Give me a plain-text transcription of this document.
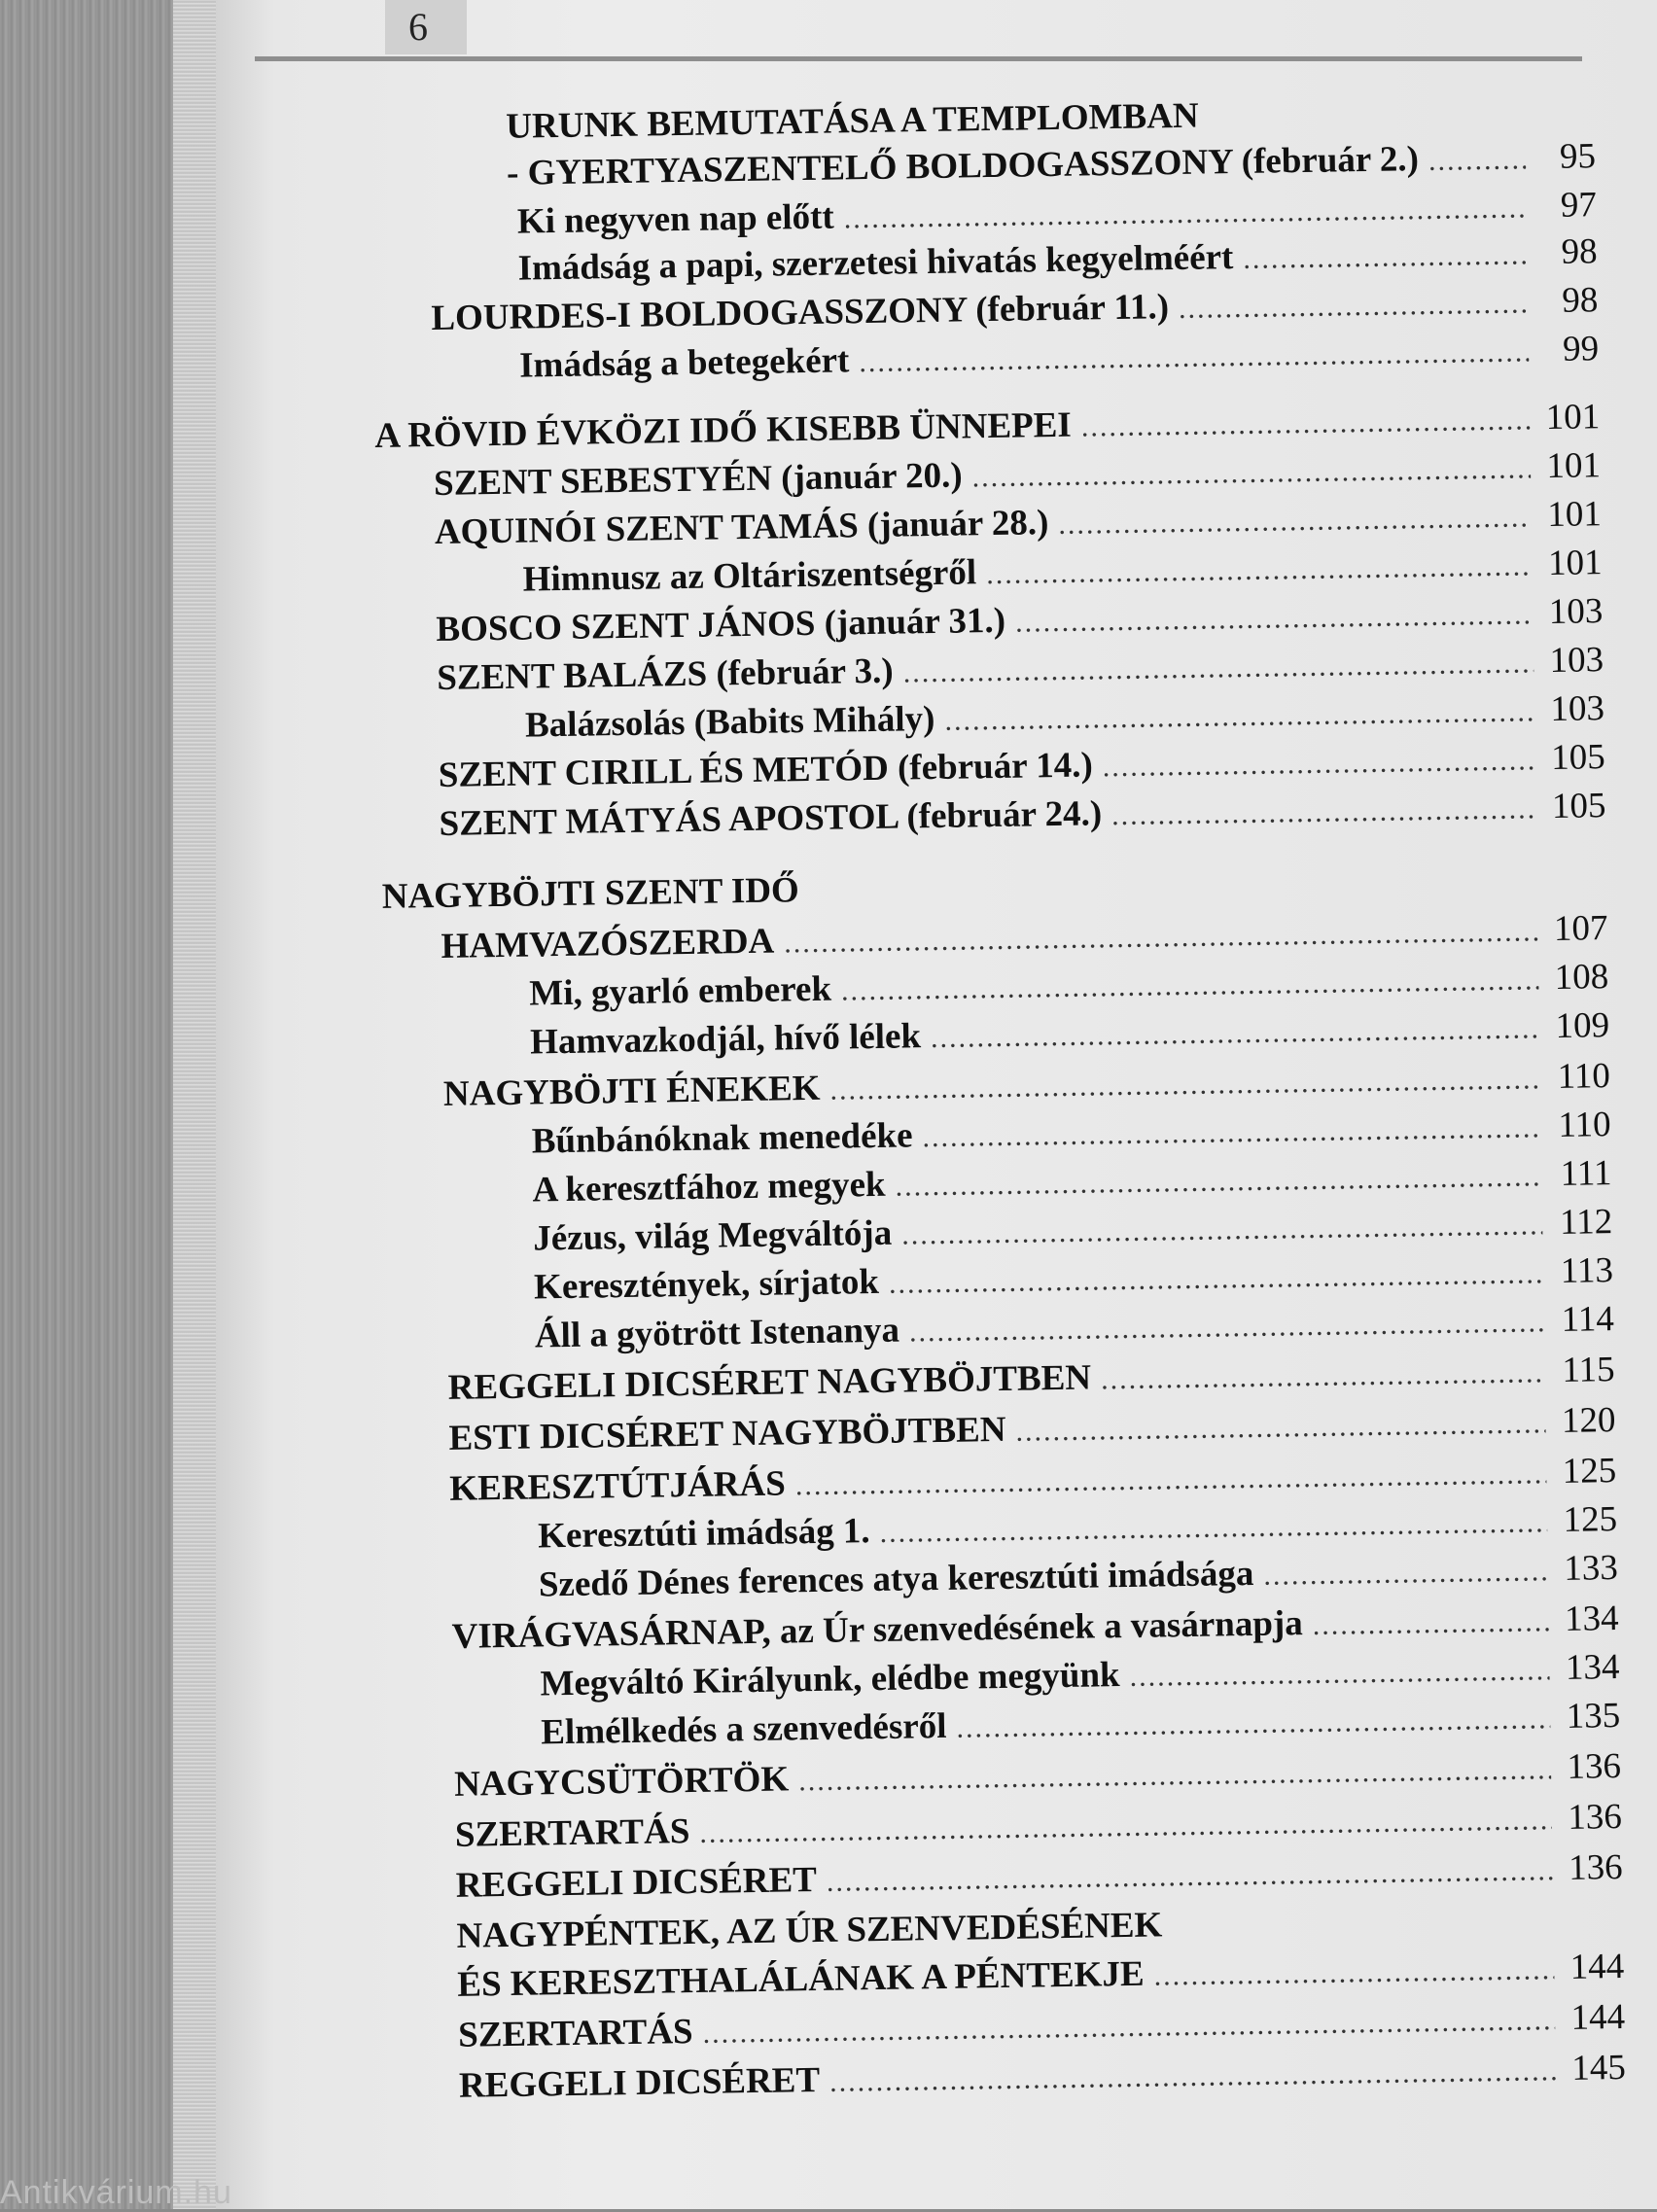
6
URUNK BEMUTATÁSA A TEMPLOMBAN
- GYERTYASZENTELŐ BOLDOGASSZONY (február 2.) .....	95
Ki negyven nap előtt .....	97
Imádság a papi, szerzetesi hivatás kegyelméért .....	98
LOURDES-I BOLDOGASSZONY (február 11.) .....	98
Imádság a betegekért .....	99
A RÖVID ÉVKÖZI IDŐ KISEBB ÜNNEPEI .....	101
SZENT SEBESTYÉN (január 20.) .....	101
AQUINÓI SZENT TAMÁS (január 28.) .....	101
Himnusz az Oltáriszentségről .....	101
BOSCO SZENT JÁNOS (január 31.) .....	103
SZENT BALÁZS (február 3.) .....	103
Balázsolás (Babits Mihály) .....	103
SZENT CIRILL ÉS METÓD (február 14.) .....	105
SZENT MÁTYÁS APOSTOL (február 24.) .....	105
NAGYBÖJTI SZENT IDŐ
HAMVAZÓSZERDA .....	107
Mi, gyarló emberek .....	108
Hamvazkodjál, hívő lélek .....	109
NAGYBÖJTI ÉNEKEK .....	110
Bűnbánóknak menedéke .....	110
A keresztfához megyek .....	111
Jézus, világ Megváltója .....	112
Keresztények, sírjatok .....	113
Áll a gyötrött Istenanya .....	114
REGGELI DICSÉRET NAGYBÖJTBEN .....	115
ESTI DICSÉRET NAGYBÖJTBEN .....	120
KERESZTÚTJÁRÁS .....	125
Keresztúti imádság 1. .....	125
Szedő Dénes ferences atya keresztúti imádsága .....	133
VIRÁGVASÁRNAP, az Úr szenvedésének a vasárnapja .....	134
Megváltó Királyunk, elédbe megyünk .....	134
Elmélkedés a szenvedésről .....	135
NAGYCSÜTÖRTÖK .....	136
SZERTARTÁS .....	136
REGGELI DICSÉRET .....	136
NAGYPÉNTEK, AZ ÚR SZENVEDÉSÉNEK
ÉS KERESZTHALÁLÁNAK A PÉNTEKJE .....	144
SZERTARTÁS .....	144
REGGELI DICSÉRET .....	145
Antikvárium.hu
